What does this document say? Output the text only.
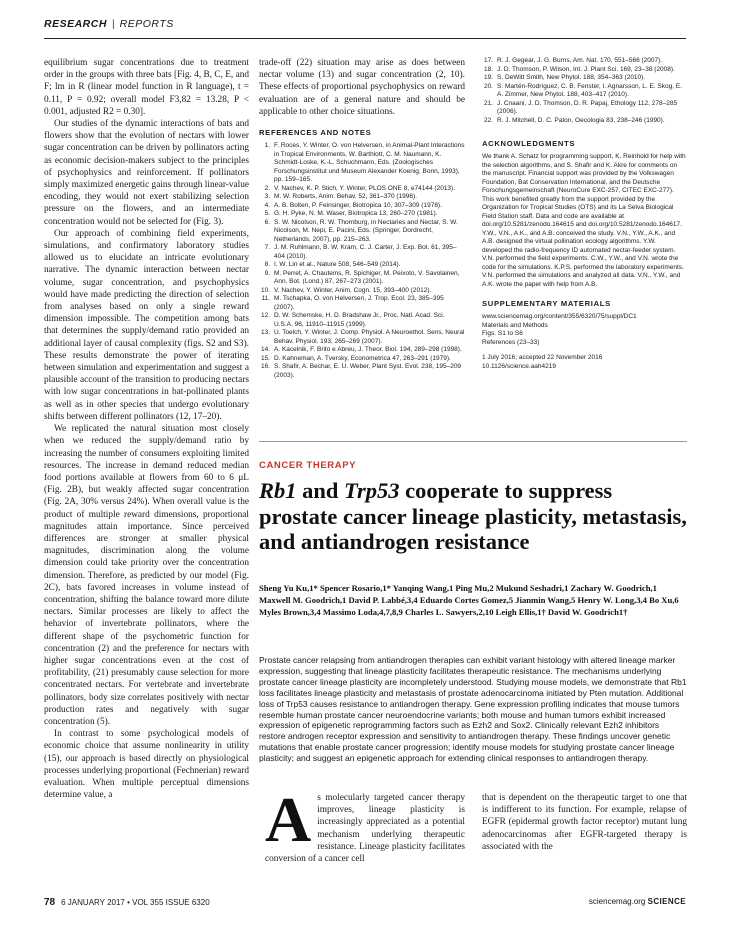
RESEARCH | REPORTS

equilibrium sugar concentrations due to treatment order in the groups with three bats [Fig. 4, B, C, E, and F; lm in R (linear model function in R language), t = 0.11, P = 0.92; overall model F3,82 = 13.28, P < 0.001, adjusted R2 = 0.30].

Our studies of the dynamic interactions of bats and flowers show that the evolution of nectars with lower sugar concentration can be driven by pollinators acting as economic decision-makers subject to the principles of psychophysics and reinforcement. If pollinators simply maximized energetic gains through linear-value encoding, they would not exert stabilizing selection pressure on the flowers, and an intermediate concentration would not be selected for (Fig. 3).

Our approach of combining field experiments, simulations, and confirmatory laboratory studies allowed us to elucidate an intricate evolutionary narrative. The dynamic interaction between nectar volume, sugar concentration, and psychophysics would have made predicting the direction of selection from analyses based on only a single reward dimension impossible. The competition among bats that determines the supply/demand ratio provided an additional layer of causal complexity (figs. S2 and S3). These results demonstrate the power of iterating between simulation and experimentation and suggest a plausible account of the transition to producing nectars with low sugar concentrations in bat-pollinated plants as well as in other species that undergo evolutionary shifts between different pollinators (12, 17–20).

We replicated the natural situation most closely when we reduced the supply/demand ratio by increasing the number of consumers exploiting limited resources. The increase in demand reduced median food portions available at flowers from 60 to 6 μL (Fig. 2B), but weakly affected sugar concentration (Fig. 2A, 30% versus 24%). When overall value is the product of multiple reward dimensions, proportional magnitudes attain importance. Since perceived differences are stronger at smaller physical magnitudes, discrimination along the volume dimension could take priority over the concentration dimension. Therefore, as predicted by our model (Fig. 2C), bats favored increases in volume instead of concentration, shifting the balance toward more dilute nectars. Similar processes are likely to affect the behavior of invertebrate pollinators, where the different shape of the psychometric function for concentration (2) and the preference for nectars with higher sugar concentrations even at the cost of profitability, (21) presumably cause selection for more concentrated nectars. For vertebrate and invertebrate pollinators, body size correlates positively with nectar production rates and negatively with sugar concentration (5).

In contrast to some psychological models of economic choice that assume nonlinearity in utility (15), our approach is based directly on physiological processes underlying proportional (Fechnerian) reward evaluation. When multiple perceptual dimensions determine value, a

trade-off (22) situation may arise as does between nectar volume (13) and sugar concentration (2, 10). These effects of proportional psychophysics on reward evaluation are of a general nature and should be applicable to other choice situations.

REFERENCES AND NOTES
1. F. Roces, Y. Winter, O. von Helversen, in Animal-Plant Interactions in Tropical Environments, W. Barthlott, C. M. Naumann, K. Schmidt-Loske, K.-L. Schuchmann, Eds. (Zoologisches Forschungsinstitut und Museum Alexander Koenig, Bonn, 1993), pp. 159–165.
2. V. Nachev, K. P. Stich, Y. Winter, PLOS ONE 8, e74144 (2013).
3. M. W. Roberts, Anim. Behav. 52, 361–370 (1996).
4. A. B. Bolten, P. Feinsinger, Biotropica 10, 307–309 (1978).
5. G. H. Pyke, N. M. Waser, Biotropica 13, 260–270 (1981).
6. S. W. Nicolson, R. W. Thornburg, in Nectaries and Nectar, S. W. Nicolson, M. Nepi, E. Pacini, Eds. (Springer, Dordrecht, Netherlands, 2007), pp. 215–263.
7. J. M. Ruhlmann, B. W. Kram, C. J. Carter, J. Exp. Bot. 61, 395–404 (2010).
8. I. W. Lin et al., Nature 508, 546–549 (2014).
9. M. Perret, A. Chautems, R. Spichiger, M. Peixoto, V. Savolainen, Ann. Bot. (Lond.) 87, 267–273 (2001).
10. V. Nachev, Y. Winter, Anim. Cogn. 15, 393–400 (2012).
11. M. Tschapka, O. von Helversen, J. Trop. Ecol. 23, 385–395 (2007).
12. D. W. Schemske, H. D. Bradshaw Jr., Proc. Natl. Acad. Sci. U.S.A. 96, 11910–11915 (1999).
13. U. Toelch, Y. Winter, J. Comp. Physiol. A Neuroethol. Sens. Neural Behav. Physiol. 193, 265–269 (2007).
14. A. Kacelnik, F. Brito e Abreu, J. Theor. Biol. 194, 289–298 (1998).
15. D. Kahneman, A. Tversky, Econometrica 47, 263–291 (1979).
16. S. Shafir, A. Bechar, E. U. Weber, Plant Syst. Evol. 238, 195–209 (2003).
17. R. J. Gegear, J. G. Burns, Am. Nat. 170, 551–566 (2007).
18. J. D. Thomson, P. Wilson, Int. J. Plant Sci. 169, 23–38 (2008).
19. S. DeWitt Smith, New Phytol. 188, 354–363 (2010).
20. S. Martén-Rodríguez, C. B. Fenster, I. Agnarsson, L. E. Skog, E. A. Zimmer, New Phytol. 188, 403–417 (2010).
21. J. Cnaani, J. D. Thomson, D. R. Papaj, Ethology 112, 278–285 (2006).
22. R. J. Mitchell, D. C. Paton, Oecologia 83, 238–246 (1990).
ACKNOWLEDGMENTS
We thank A. Schatz for programming support, K. Reinhold for help with the selection algorithms, and S. Shafir and K. Akre for comments on the manuscript. Financial support was provided by the Volkswagen Foundation, Bat Conservation International, and the Deutsche Forschungsgemeinschaft (NeuroCure EXC-257, CITEC EXC-277). This work benefited greatly from the support provided by the Organization for Tropical Studies (OTS) and its La Selva Biological Field Station staff. Data and code are available at doi.org/10.5281/zenodo.164615 and doi.org/10.5281/zenodo.164617. Y.W., V.N., A.K., and A.B. conceived the study. V.N., Y.W., A.K., and A.B. designed the virtual pollination ecology algorithms. Y.W. developed the radio-frequency ID automated nectar-feeder system. V.N. performed the field experiments. C.W., Y.W., and V.N. wrote the code for the simulations. K.P.S. performed the laboratory experiments. V.N. performed the simulations and analyzed all data. V.N., Y.W., and A.K. wrote the paper with help from A.B.
SUPPLEMENTARY MATERIALS
www.sciencemag.org/content/355/6320/75/suppl/DC1
Materials and Methods
Figs. S1 to S6
References (23–33)
1 July 2016; accepted 22 November 2016
10.1126/science.aah4219
CANCER THERAPY
Rb1 and Trp53 cooperate to suppress prostate cancer lineage plasticity, metastasis, and antiandrogen resistance
Sheng Yu Ku,1* Spencer Rosario,1* Yanqing Wang,1 Ping Mu,2 Mukund Seshadri,1 Zachary W. Goodrich,1 Maxwell M. Goodrich,1 David P. Labbé,3,4 Eduardo Cortes Gomez,5 Jianmin Wang,5 Henry W. Long,3,4 Bo Xu,6 Myles Brown,3,4 Massimo Loda,4,7,8,9 Charles L. Sawyers,2,10 Leigh Ellis,1† David W. Goodrich1†
Prostate cancer relapsing from antiandrogen therapies can exhibit variant histology with altered lineage marker expression, suggesting that lineage plasticity facilitates therapeutic resistance. The mechanisms underlying prostate cancer lineage plasticity are incompletely understood. Studying mouse models, we demonstrate that Rb1 loss facilitates lineage plasticity and metastasis of prostate adenocarcinoma initiated by Pten mutation. Additional loss of Trp53 causes resistance to antiandrogen therapy. Gene expression profiling indicates that mouse tumors resemble human prostate cancer neuroendocrine variants; both mouse and human tumors exhibit increased expression of epigenetic reprogramming factors such as Ezh2 and Sox2. Clinically relevant Ezh2 inhibitors restore androgen receptor expression and sensitivity to antiandrogen therapy. These findings uncover genetic mutations that enable prostate cancer progression; identify mouse models for studying prostate cancer lineage plasticity; and suggest an epigenetic approach for extending clinical responses to antiandrogen therapy.
As molecularly targeted cancer therapy improves, lineage plasticity is increasingly appreciated as a potential mechanism underlying therapeutic resistance. Lineage plasticity facilitates conversion of a cancer cell
that is dependent on the therapeutic target to one that is indifferent to its function. For example, relapse of EGFR (epidermal growth factor receptor) mutant lung adenocarcinomas after EGFR-targeted therapy is associated with the
78 6 JANUARY 2017 • VOL 355 ISSUE 6320	sciencemag.org SCIENCE
